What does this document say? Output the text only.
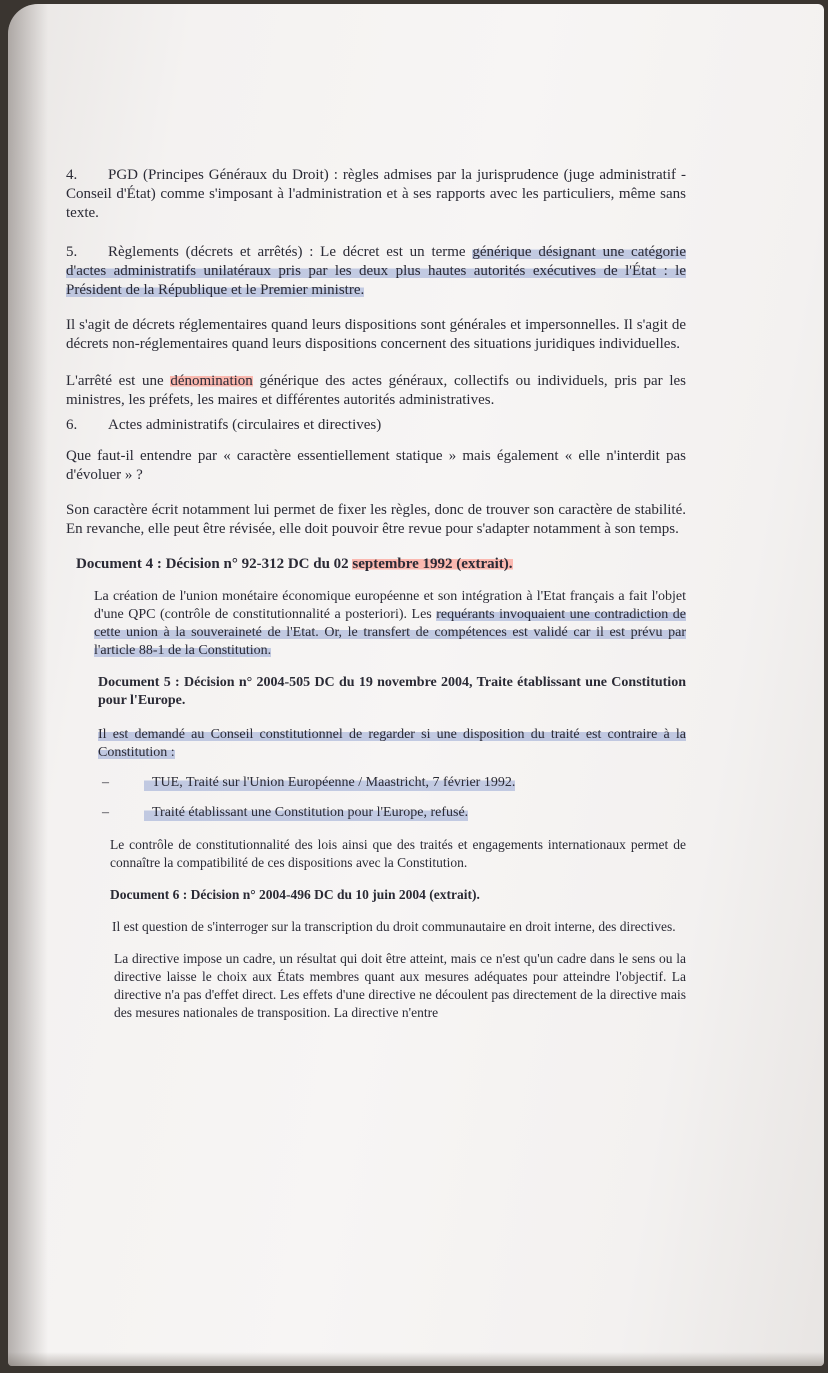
4. PGD (Principes Généraux du Droit) : règles admises par la jurisprudence (juge administratif - Conseil d'État) comme s'imposant à l'administration et à ses rapports avec les particuliers, même sans texte.

5. Règlements (décrets et arrêtés) : Le décret est un terme générique désignant une catégorie d'actes administratifs unilatéraux pris par les deux plus hautes autorités exécutives de l'État : le Président de la République et le Premier ministre.

Il s'agit de décrets réglementaires quand leurs dispositions sont générales et impersonnelles. Il s'agit de décrets non-réglementaires quand leurs dispositions concernent des situations juridiques individuelles.

L'arrêté est une dénomination générique des actes généraux, collectifs ou individuels, pris par les ministres, les préfets, les maires et différentes autorités administratives.

6. Actes administratifs (circulaires et directives)

Que faut-il entendre par « caractère essentiellement statique » mais également « elle n'interdit pas d'évoluer » ?

Son caractère écrit notamment lui permet de fixer les règles, donc de trouver son caractère de stabilité. En revanche, elle peut être révisée, elle doit pouvoir être revue pour s'adapter notamment à son temps.

Document 4 : Décision n° 92-312 DC du 02 septembre 1992 (extrait).

La création de l'union monétaire économique européenne et son intégration à l'Etat français a fait l'objet d'une QPC (contrôle de constitutionnalité a posteriori). Les requérants invoquaient une contradiction de cette union à la souveraineté de l'Etat. Or, le transfert de compétences est validé car il est prévu par l'article 88-1 de la Constitution.

Document 5 : Décision n° 2004-505 DC du 19 novembre 2004, Traite établissant une Constitution pour l'Europe.

Il est demandé au Conseil constitutionnel de regarder si une disposition du traité est contraire à la Constitution :

–	TUE, Traité sur l'Union Européenne / Maastricht, 7 février 1992.
–	Traité établissant une Constitution pour l'Europe, refusé.

Le contrôle de constitutionnalité des lois ainsi que des traités et engagements internationaux permet de connaître la compatibilité de ces dispositions avec la Constitution.

Document 6 : Décision n° 2004-496 DC du 10 juin 2004 (extrait).

Il est question de s'interroger sur la transcription du droit communautaire en droit interne, des directives.

La directive impose un cadre, un résultat qui doit être atteint, mais ce n'est qu'un cadre dans le sens ou la directive laisse le choix aux États membres quant aux mesures adéquates pour atteindre l'objectif. La directive n'a pas d'effet direct. Les effets d'une directive ne découlent pas directement de la directive mais des mesures nationales de transposition. La directive n'entre
